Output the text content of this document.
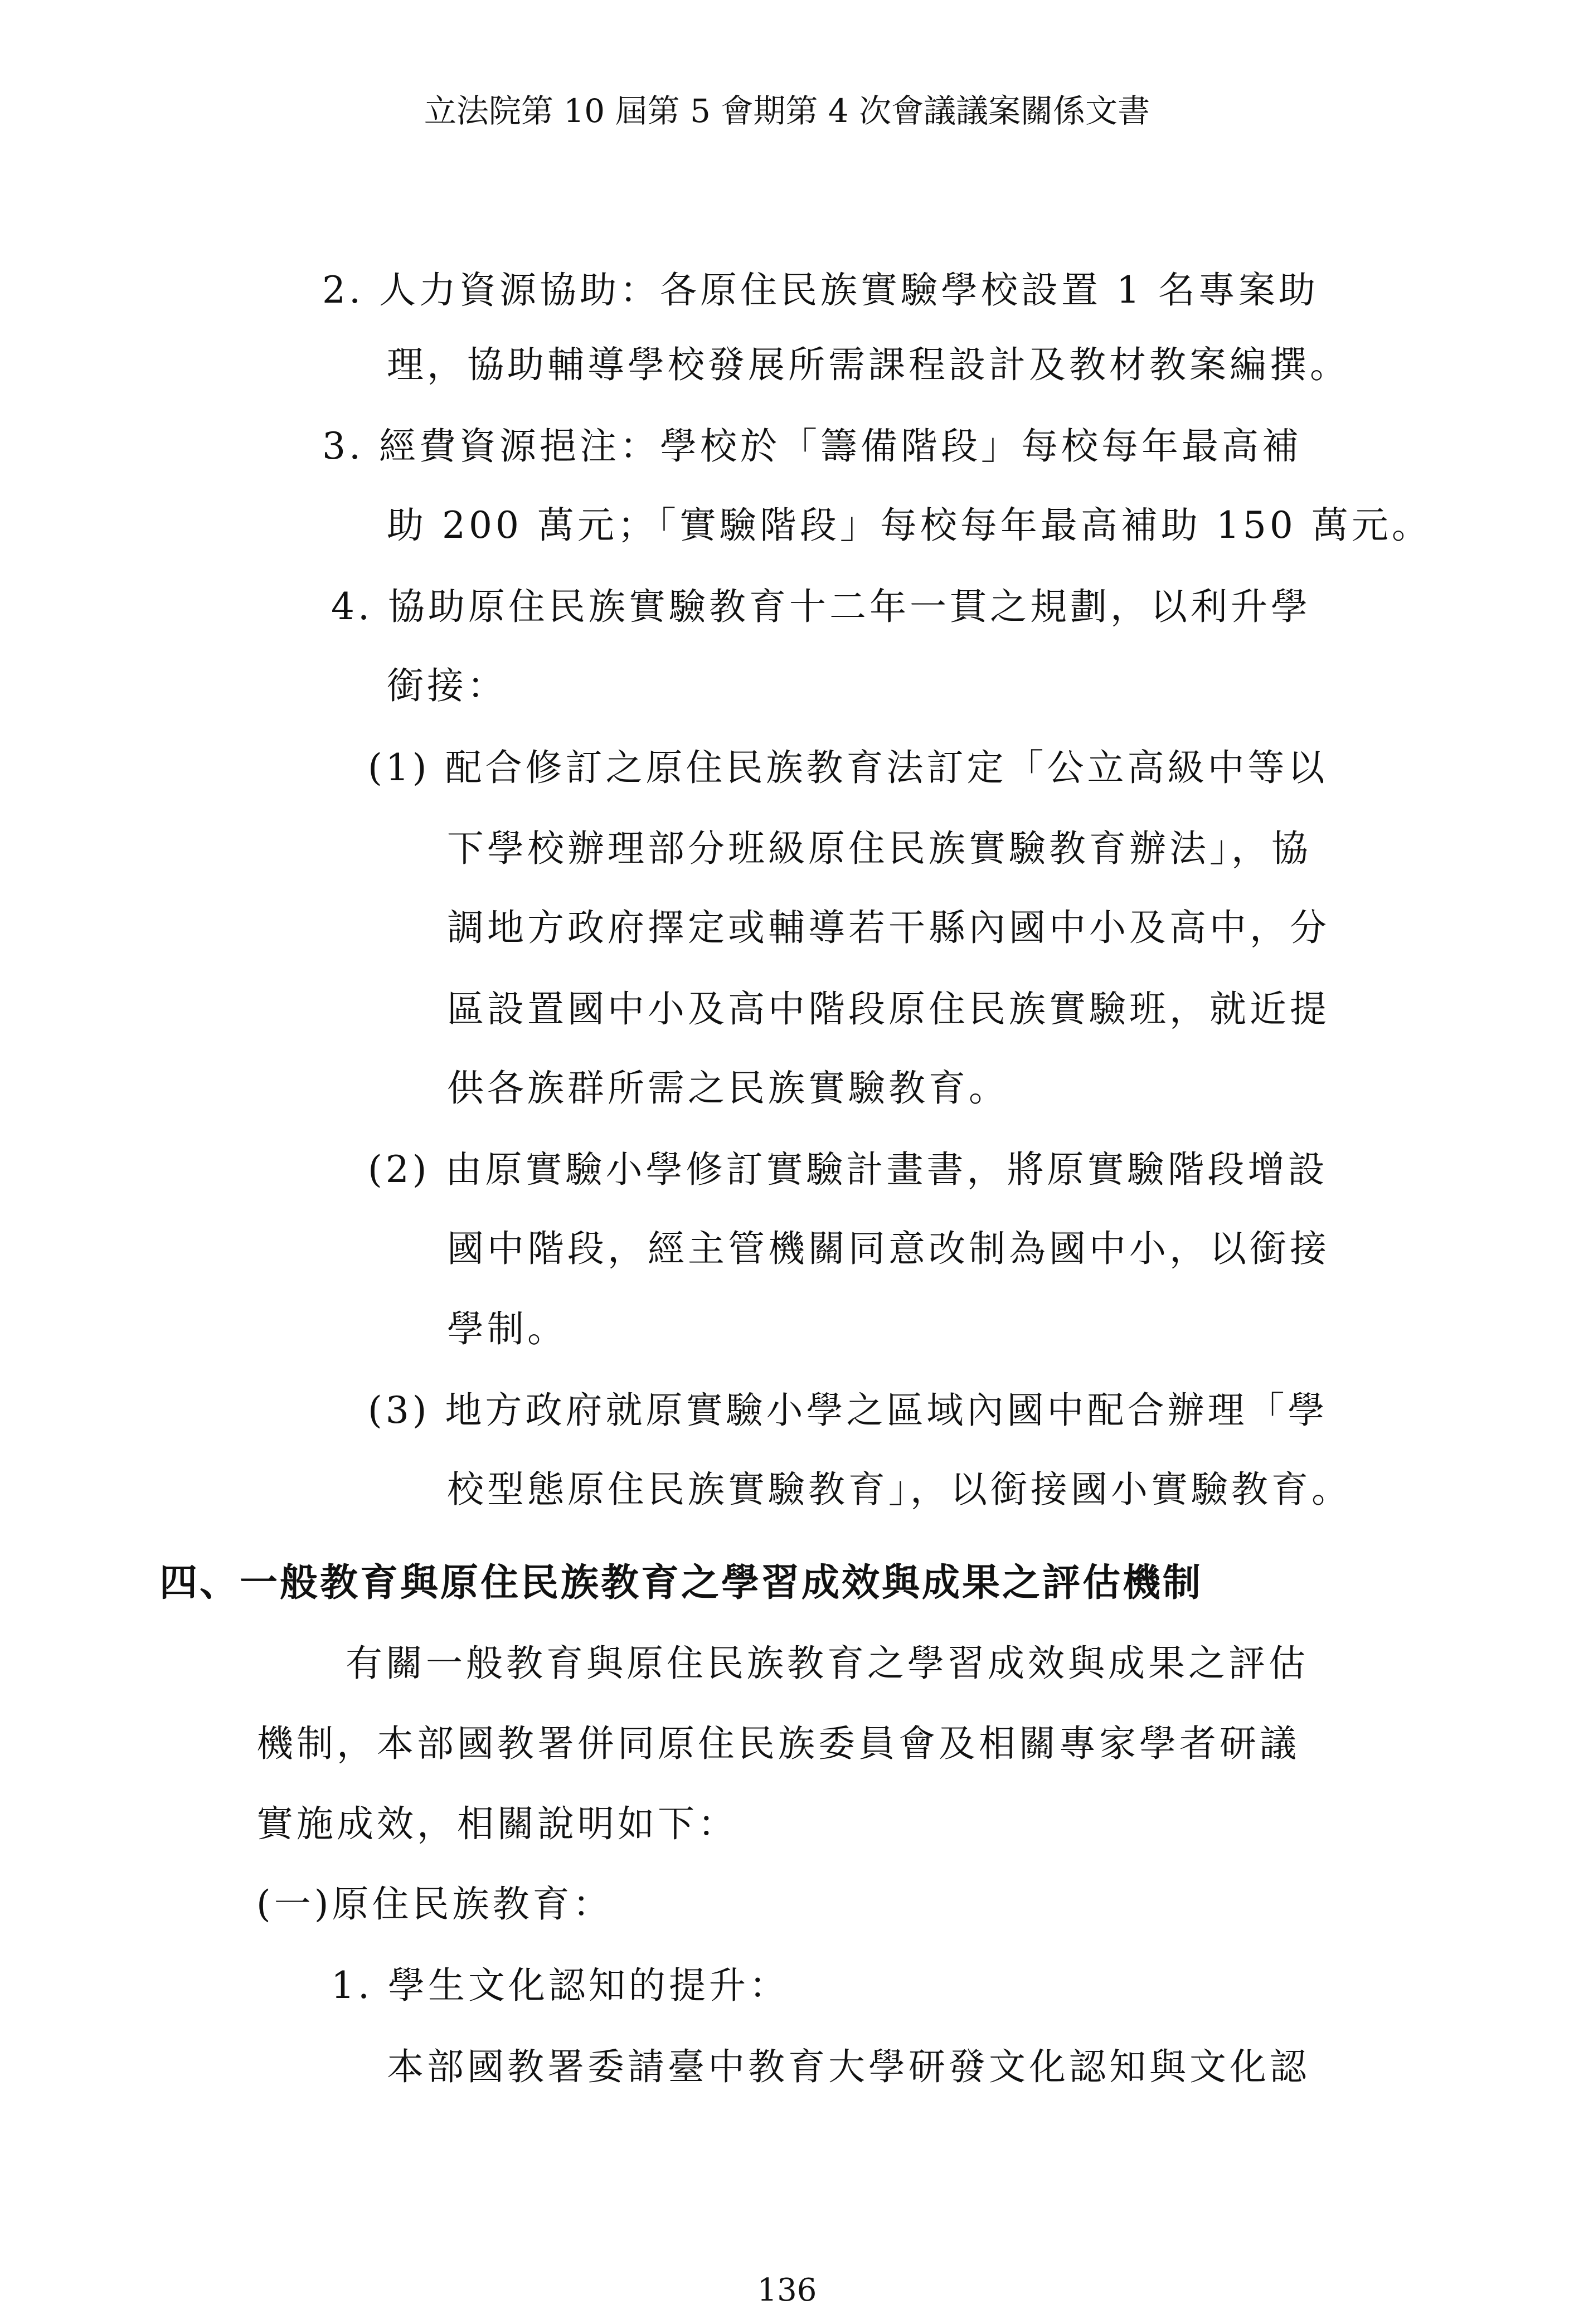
立法院第 10 屆第 5 會期第 4 次會議議案關係文書
2. 人力資源協助：各原住民族實驗學校設置 1 名專案助
理，協助輔導學校發展所需課程設計及教材教案編撰。
3. 經費資源挹注：學校於「籌備階段」每校每年最高補
助 200 萬元；「實驗階段」每校每年最高補助 150 萬元。
4. 協助原住民族實驗教育十二年一貫之規劃，以利升學
銜接：
(1) 配合修訂之原住民族教育法訂定「公立高級中等以
下學校辦理部分班級原住民族實驗教育辦法」，協
調地方政府擇定或輔導若干縣內國中小及高中，分
區設置國中小及高中階段原住民族實驗班，就近提
供各族群所需之民族實驗教育。
(2) 由原實驗小學修訂實驗計畫書，將原實驗階段增設
國中階段，經主管機關同意改制為國中小，以銜接
學制。
(3) 地方政府就原實驗小學之區域內國中配合辦理「學
校型態原住民族實驗教育」，以銜接國小實驗教育。
四、一般教育與原住民族教育之學習成效與成果之評估機制
有關一般教育與原住民族教育之學習成效與成果之評估
機制，本部國教署併同原住民族委員會及相關專家學者研議
實施成效，相關說明如下：
(一)原住民族教育：
1. 學生文化認知的提升：
本部國教署委請臺中教育大學研發文化認知與文化認
136
